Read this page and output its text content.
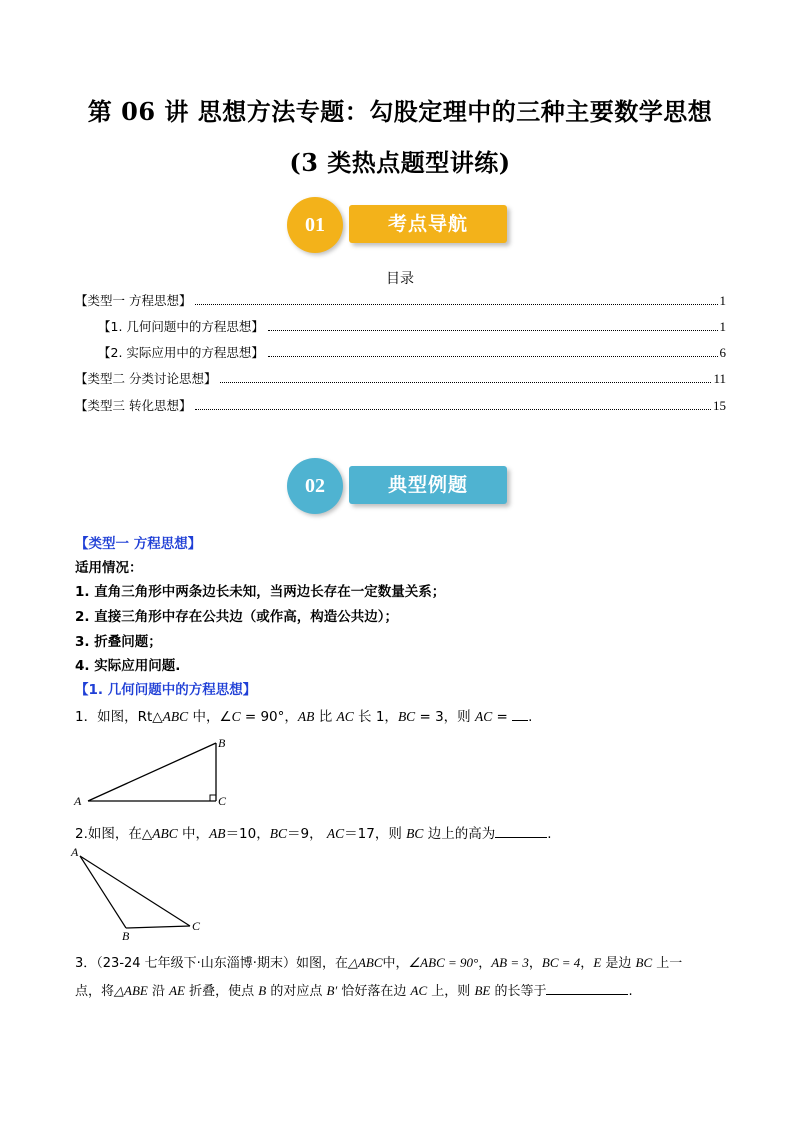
第 06 讲 思想方法专题：勾股定理中的三种主要数学思想
(3 类热点题型讲练)
考点导航
01
目录
【类型一 方程思想】	1
【1. 几何问题中的方程思想】	1
【2. 实际应用中的方程思想】	6
【类型二 分类讨论思想】	11
【类型三 转化思想】	15
典型例题
02
【类型一 方程思想】
适用情况：
1. 直角三角形中两条边长未知，当两边长存在一定数量关系；
2. 直接三角形中存在公共边（或作高，构造公共边）；
3. 折叠问题；
4. 实际应用问题.
【1. 几何问题中的方程思想】
1．如图，Rt△ABC 中，∠C = 90°，AB 比 AC 长 1，BC = 3，则 AC = .
A
B
C
2.如图，在△ABC 中，AB＝10，BC＝9， AC＝17，则 BC 边上的高为	.
A
B
C
3．（23-24 七年级下·山东淄博·期末）如图，在△ABC中，∠ABC = 90°，AB = 3，BC = 4，E 是边 BC 上一
点，将△ABE 沿 AE 折叠，使点 B 的对应点 B′ 恰好落在边 AC 上，则 BE 的长等于	.
